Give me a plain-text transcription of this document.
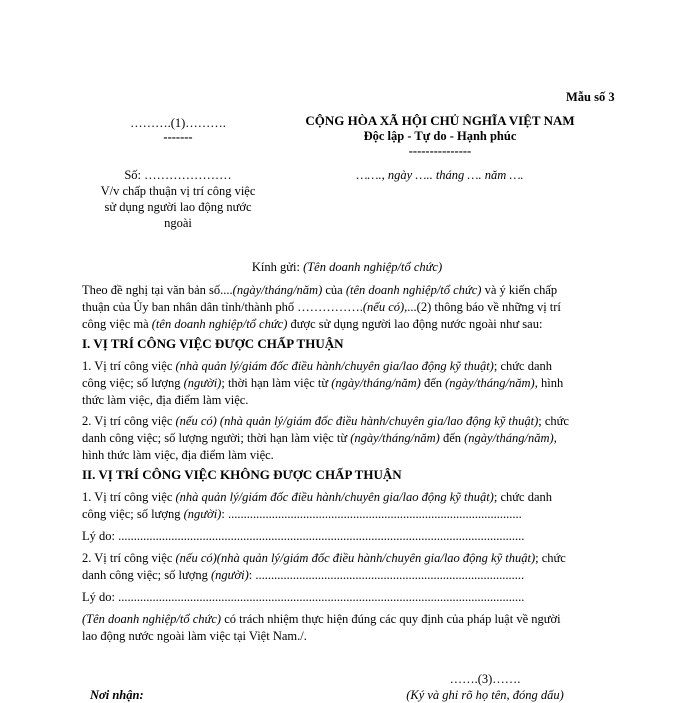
Mẫu số 3
……….(1)……….
-------
Số: …………………
V/v chấp thuận vị trí công việc
sử dụng người lao động nước
ngoài
CỘNG HÒA XÃ HỘI CHỦ NGHĨA VIỆT NAM
Độc lập - Tự do - Hạnh phúc
---------------
……., ngày ….. tháng …. năm ….
Kính gửi: (Tên doanh nghiệp/tổ chức)
Theo đề nghị tại văn bản số....(ngày/tháng/năm) của (tên doanh nghiệp/tổ chức) và ý kiến chấp
thuận của Ủy ban nhân dân tỉnh/thành phố …………….(nếu có),...(2) thông báo về những vị trí
công việc mà (tên doanh nghiệp/tổ chức) được sử dụng người lao động nước ngoài như sau:
I. VỊ TRÍ CÔNG VIỆC ĐƯỢC CHẤP THUẬN
1. Vị trí công việc (nhà quản lý/giám đốc điều hành/chuyên gia/lao động kỹ thuật); chức danh
công việc; số lượng (người); thời hạn làm việc từ (ngày/tháng/năm) đến (ngày/tháng/năm), hình
thức làm việc, địa điểm làm việc.
2. Vị trí công việc (nếu có) (nhà quản lý/giám đốc điều hành/chuyên gia/lao động kỹ thuật); chức
danh công việc; số lượng người; thời hạn làm việc từ (ngày/tháng/năm) đến (ngày/tháng/năm),
hình thức làm việc, địa điểm làm việc.
II. VỊ TRÍ CÔNG VIỆC KHÔNG ĐƯỢC CHẤP THUẬN
1. Vị trí công việc (nhà quản lý/giám đốc điều hành/chuyên gia/lao động kỹ thuật); chức danh
công việc; số lượng (người): ..............................................................................................
Lý do: ..................................................................................................................................
2. Vị trí công việc (nếu có)(nhà quản lý/giám đốc điều hành/chuyên gia/lao động kỹ thuật); chức
danh công việc; số lượng (người): ......................................................................................
Lý do: ..................................................................................................................................
(Tên doanh nghiệp/tổ chức) có trách nhiệm thực hiện đúng các quy định của pháp luật về người
lao động nước ngoài làm việc tại Việt Nam./.
…….(3)…….
Nơi nhận:	(Ký và ghi rõ họ tên, đóng dấu)
